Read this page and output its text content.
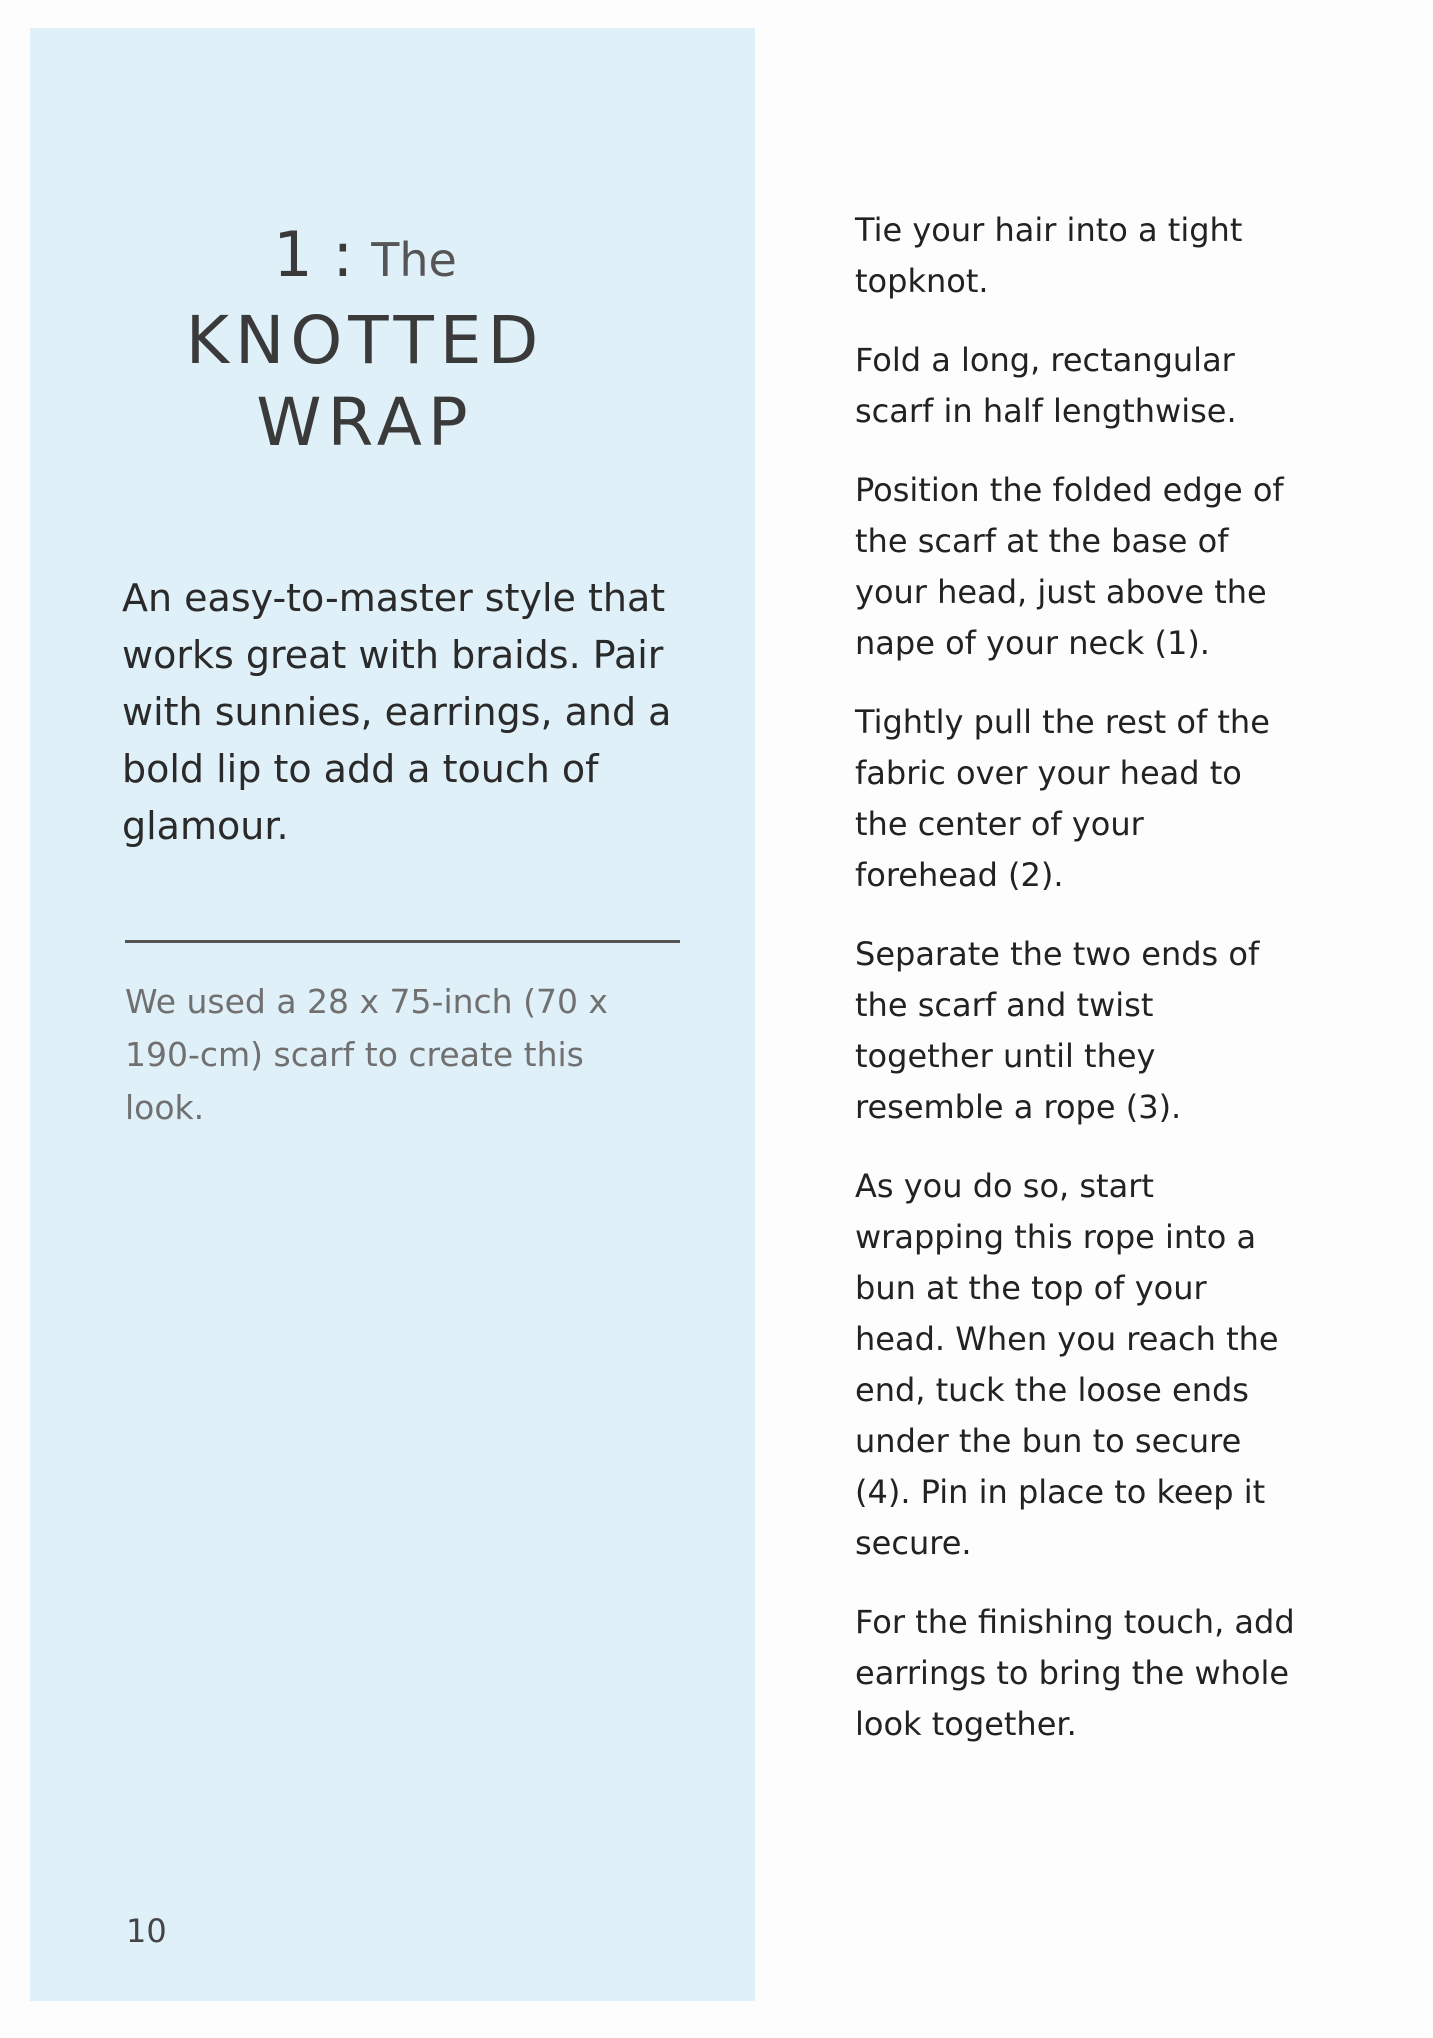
1 : The
KNOTTED
WRAP
An easy-to-master style that works great with braids. Pair with sunnies, earrings, and a bold lip to add a touch of glamour.
We used a 28 x 75-inch (70 x 190-cm) scarf to create this look.
10

Tie your hair into a tight topknot.

Fold a long, rectangular scarf in half lengthwise.

Position the folded edge of the scarf at the base of your head, just above the nape of your neck (1).

Tightly pull the rest of the fabric over your head to the center of your forehead (2).

Separate the two ends of the scarf and twist together until they resemble a rope (3).

As you do so, start wrapping this rope into a bun at the top of your head. When you reach the end, tuck the loose ends under the bun to secure (4). Pin in place to keep it secure.

For the finishing touch, add earrings to bring the whole look together.
